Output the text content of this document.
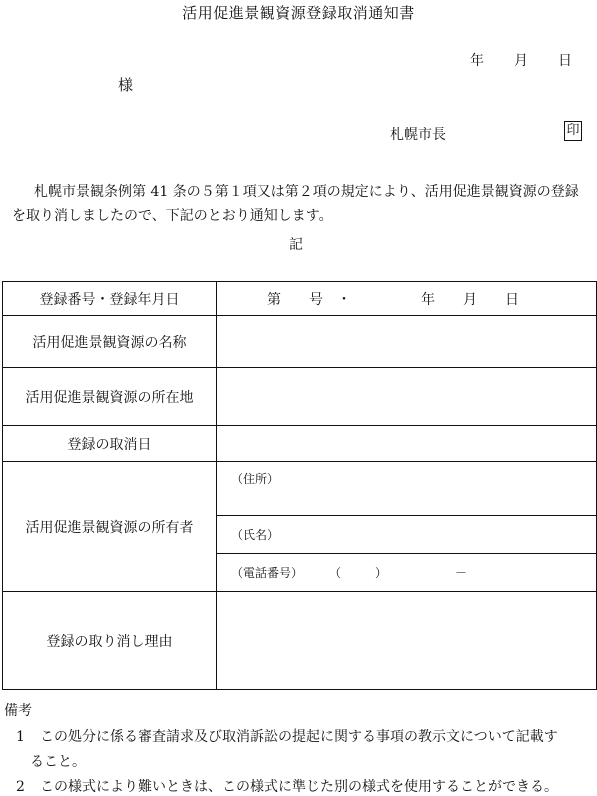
活用促進景観資源登録取消通知書
年 月 日
様
札幌市長	印
札幌市景観条例第 41 条の５第１項又は第２項の規定により、活用促進景観資源の登録
を取り消しましたので、下記のとおり通知します。
記
登録番号・登録年月日	第　　号　・　　　　　年　　月　　日
活用促進景観資源の名称	
活用促進景観資源の所在地	
登録の取消日	
活用促進景観資源の所有者	（住所）
	（氏名）
	（電話番号） （ ） －
登録の取り消し理由	
備考
1 この処分に係る審査請求及び取消訴訟の提起に関する事項の教示文について記載す
ること。
2 この様式により難いときは、この様式に準じた別の様式を使用することができる。
